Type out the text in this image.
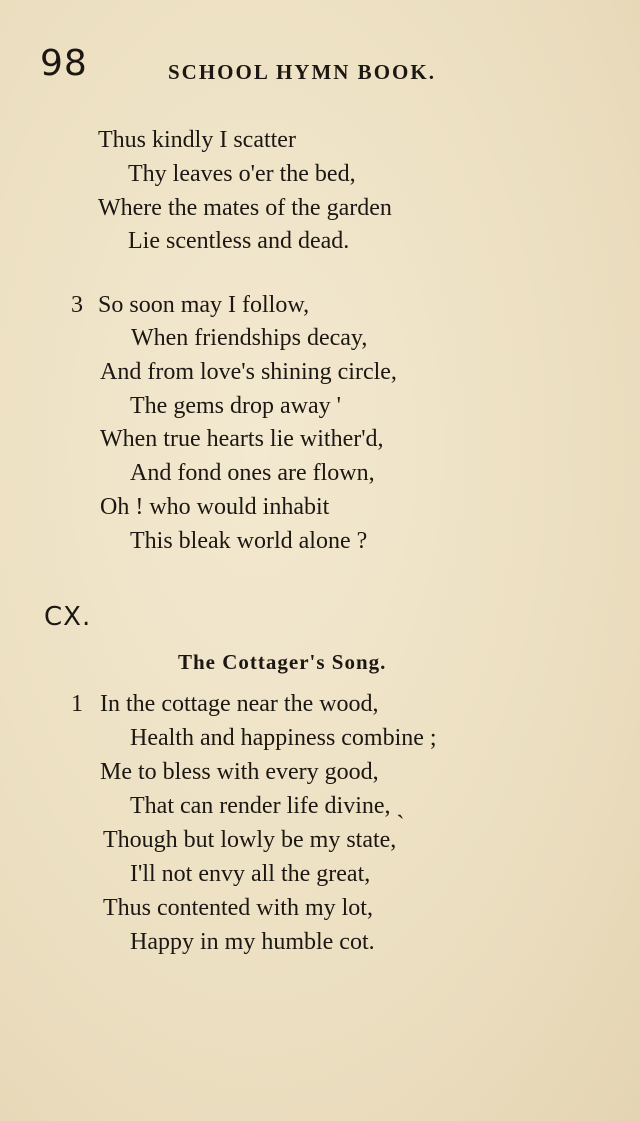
98	SCHOOL HYMN BOOK.
Thus kindly I scatter
Thy leaves o'er the bed,
Where the mates of the garden
Lie scentless and dead.
3 So soon may I follow,
When friendships decay,
And from love's shining circle,
The gems drop away '
When true hearts lie wither'd,
And fond ones are flown,
Oh ! who would inhabit
This bleak world alone ?
CX.
The Cottager's Song.
1 In the cottage near the wood,
Health and happiness combine ;
Me to bless with every good,
That can render life divine, ˏ
Though but lowly be my state,
I'll not envy all the great,
Thus contented with my lot,
Happy in my humble cot.
